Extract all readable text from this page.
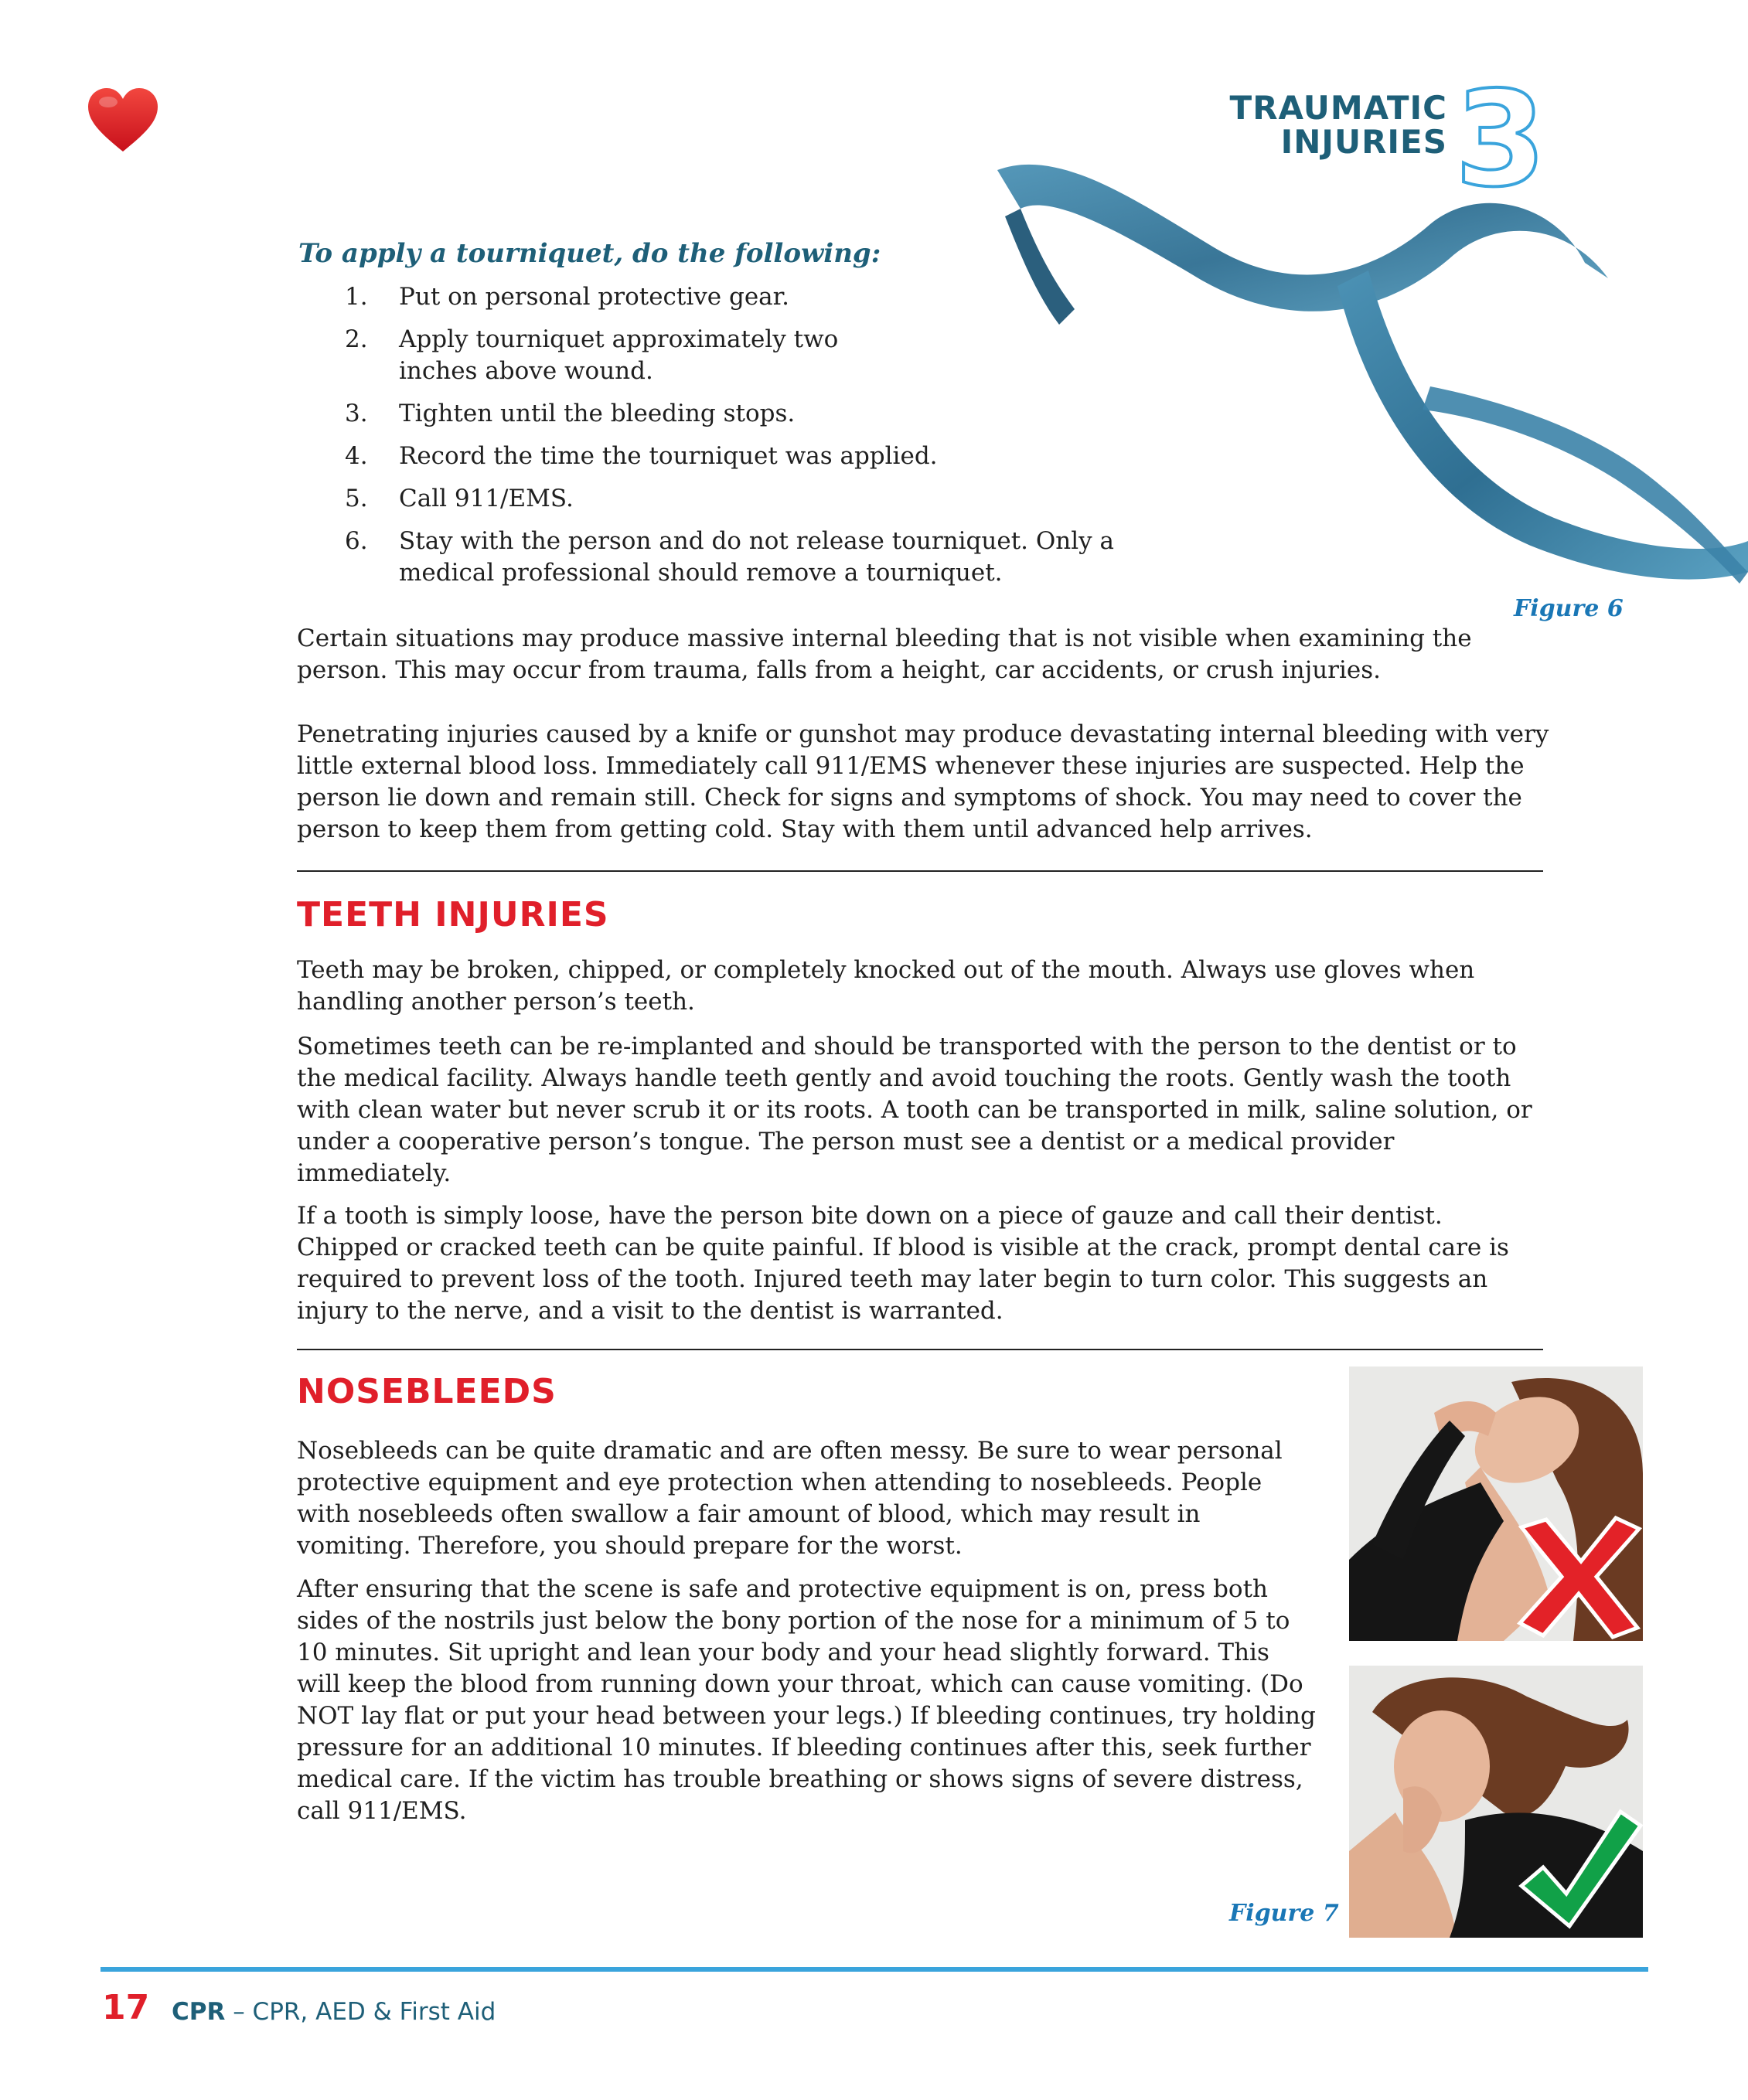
TRAUMATIC
INJURIES 3
To apply a tourniquet, do the following:
1. Put on personal protective gear.
2. Apply tourniquet approximately two
inches above wound.
3. Tighten until the bleeding stops.
4. Record the time the tourniquet was applied.
5. Call 911/EMS.
6. Stay with the person and do not release tourniquet. Only a
medical professional should remove a tourniquet.
Figure 6

Certain situations may produce massive internal bleeding that is not visible when examining the person. This may occur from trauma, falls from a height, car accidents, or crush injuries.

Penetrating injuries caused by a knife or gunshot may produce devastating internal bleeding with very little external blood loss. Immediately call 911/EMS whenever these injuries are suspected. Help the person lie down and remain still. Check for signs and symptoms of shock. You may need to cover the person to keep them from getting cold. Stay with them until advanced help arrives.

TEETH INJURIES

Teeth may be broken, chipped, or completely knocked out of the mouth. Always use gloves when handling another person’s teeth.

Sometimes teeth can be re-implanted and should be transported with the person to the dentist or to the medical facility. Always handle teeth gently and avoid touching the roots. Gently wash the tooth with clean water but never scrub it or its roots. A tooth can be transported in milk, saline solution, or under a cooperative person’s tongue. The person must see a dentist or a medical provider immediately.

If a tooth is simply loose, have the person bite down on a piece of gauze and call their dentist. Chipped or cracked teeth can be quite painful. If blood is visible at the crack, prompt dental care is required to prevent loss of the tooth. Injured teeth may later begin to turn color. This suggests an injury to the nerve, and a visit to the dentist is warranted.

NOSEBLEEDS

Nosebleeds can be quite dramatic and are often messy. Be sure to wear personal protective equipment and eye protection when attending to nosebleeds. People with nosebleeds often swallow a fair amount of blood, which may result in vomiting. Therefore, you should prepare for the worst.

After ensuring that the scene is safe and protective equipment is on, press both sides of the nostrils just below the bony portion of the nose for a minimum of 5 to 10 minutes. Sit upright and lean your body and your head slightly forward. This will keep the blood from running down your throat, which can cause vomiting. (Do NOT lay flat or put your head between your legs.) If bleeding continues, try holding pressure for an additional 10 minutes. If bleeding continues after this, seek further medical care. If the victim has trouble breathing or shows signs of severe distress, call 911/EMS.

Figure 7
17 CPR – CPR, AED & First Aid
